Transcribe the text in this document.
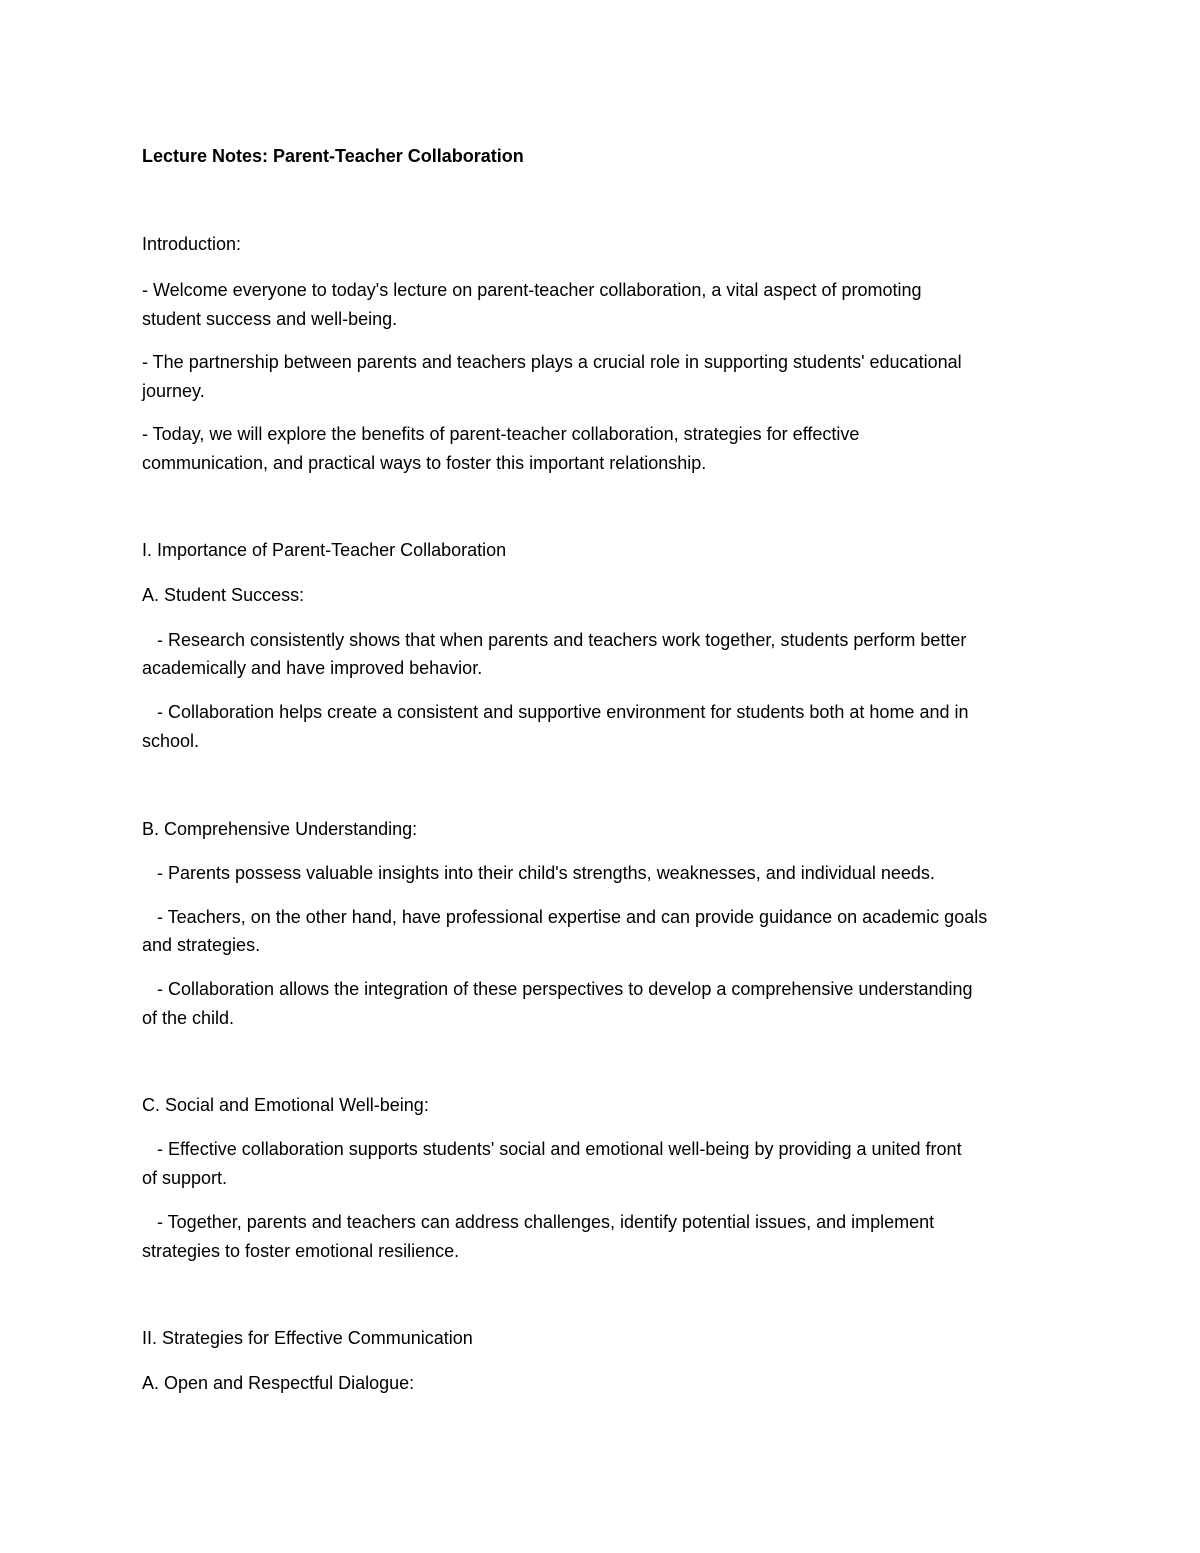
Lecture Notes: Parent-Teacher Collaboration
Introduction:
- Welcome everyone to today's lecture on parent-teacher collaboration, a vital aspect of promoting
student success and well-being.
- The partnership between parents and teachers plays a crucial role in supporting students' educational
journey.
- Today, we will explore the benefits of parent-teacher collaboration, strategies for effective
communication, and practical ways to foster this important relationship.
I. Importance of Parent-Teacher Collaboration
A. Student Success:
- Research consistently shows that when parents and teachers work together, students perform better
academically and have improved behavior.
- Collaboration helps create a consistent and supportive environment for students both at home and in
school.
B. Comprehensive Understanding:
- Parents possess valuable insights into their child's strengths, weaknesses, and individual needs.
- Teachers, on the other hand, have professional expertise and can provide guidance on academic goals
and strategies.
- Collaboration allows the integration of these perspectives to develop a comprehensive understanding
of the child.
C. Social and Emotional Well-being:
- Effective collaboration supports students' social and emotional well-being by providing a united front
of support.
- Together, parents and teachers can address challenges, identify potential issues, and implement
strategies to foster emotional resilience.
II. Strategies for Effective Communication
A. Open and Respectful Dialogue:
